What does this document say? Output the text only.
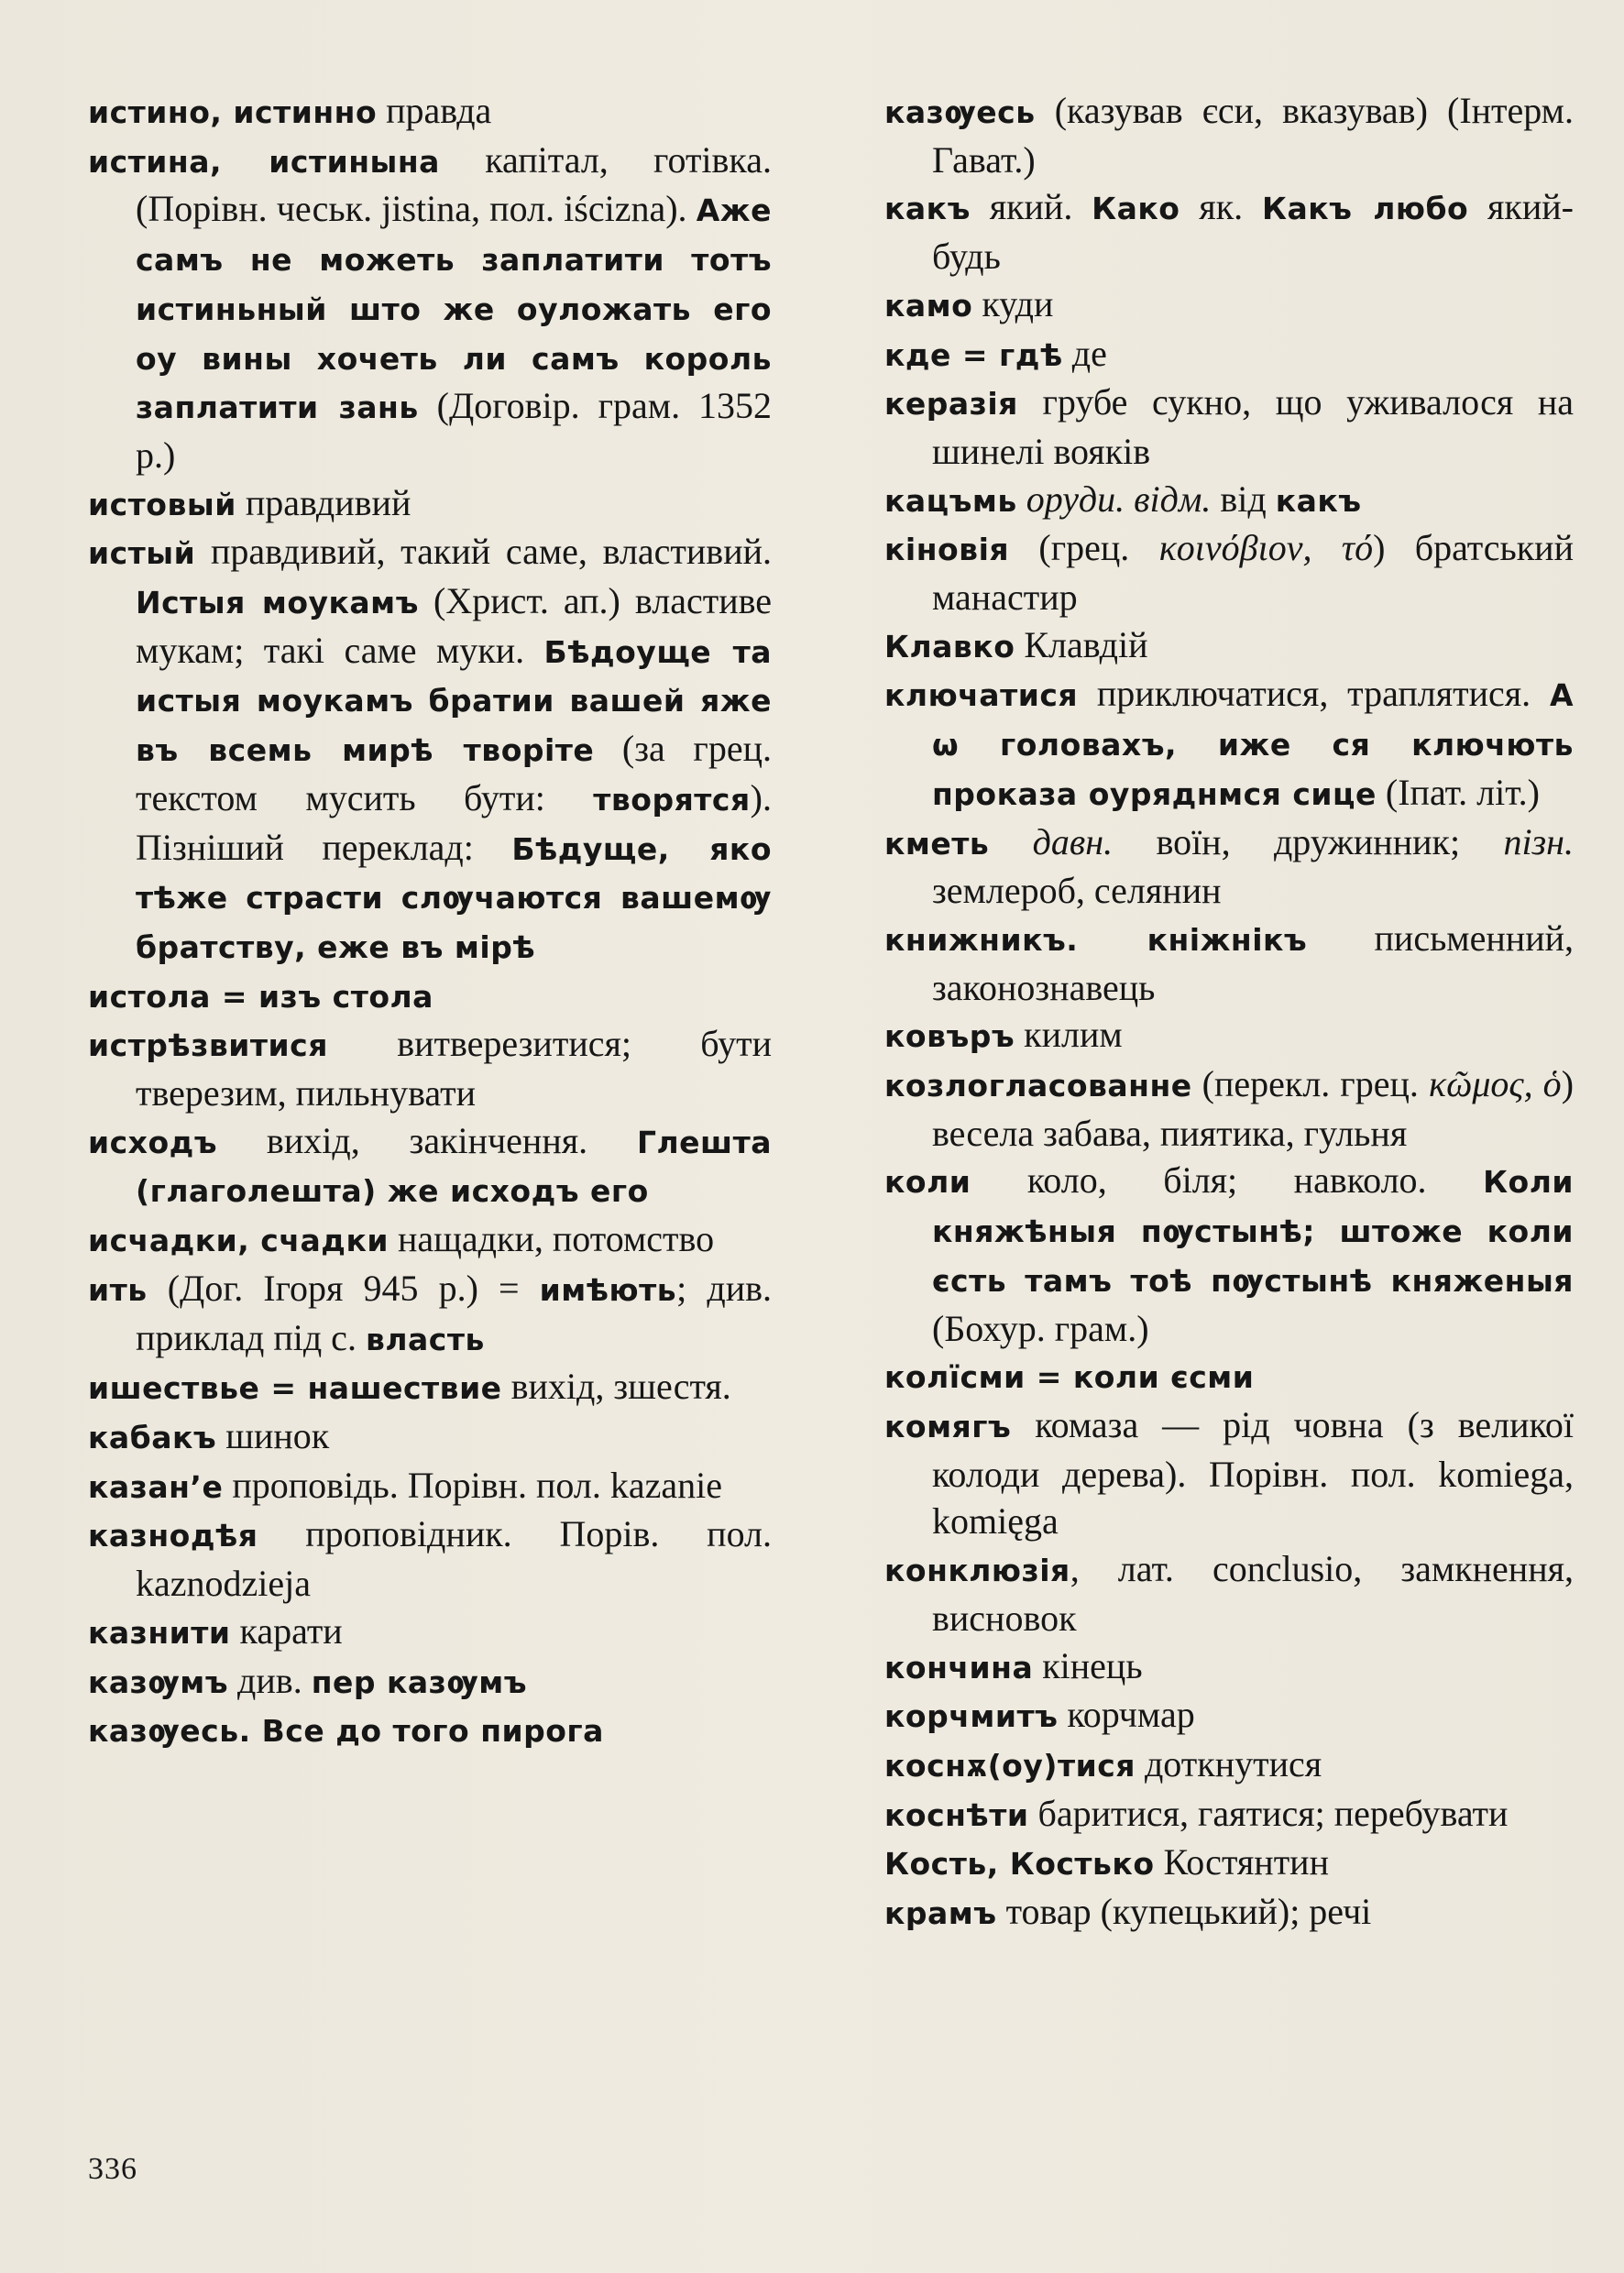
истино, истинно правда

истина, истинына капітал, готівка. (Порівн. чеськ. jistina, пол. iścizna). Аже самъ не можеть заплатити тотъ истиньный што же оуложать его оу вины хочеть ли самъ король заплатити зань (Договір. грам. 1352 р.)

истовый правдивий

истый правдивий, такий саме, властивий. Истыя моукамъ (Христ. ап.) властиве мукам; такі саме муки. Бѣдоуще та истыя моукамъ братии вашей яже въ всемь мирѣ творіте (за грец. текстом мусить бути: творятся). Пізніший переклад: Бѣдуще, яко тѣже страсти слѹчаются вашемѹ братству, еже въ мірѣ

истола = изъ стола

истрѣзвитися витверезитися; бути тверезим, пильнувати

исходъ вихід, закінчення. Глешта (глаголешта) же исходъ его

исчадки, счадки нащадки, потомство

ить (Дог. Ігоря 945 р.) = имѣють; див. приклад під с. власть

ишествье = нашествие вихід, зшестя.

кабакъ шинок

казанʼе проповідь. Порівн. пол. kazanie

казнодѣя проповідник. Порів. пол. kaznodzieja

казнити карати

казѹмъ див. пер казѹмъ

казѹесь. Все до того пирога

казѹесь (казував єси, вказував) (Інтерм. Гават.)

какъ який. Како як. Какъ любо який-будь

камо куди

кде = гдѣ де

керазія грубе сукно, що уживалося на шинелі вояків

кацъмь оруди. відм. від какъ

кіновія (грец. κοινόβιον, τό) братський манастир

Клавко Клавдій

ключатися приключатися, траплятися. А ѡ головахъ, иже ся ключють проказа оуряднмся сице (Іпат. літ.)

кметь давн. воїн, дружинник; пізн. землероб, селянин

книжникъ. кніжнікъ письменний, законознавець

ковъръ килим

козлогласованне (перекл. грец. κῶμος, ὁ) весела забава, пиятика, гульня

коли коло, біля; навколо. Коли княжѣныя пѹстынѣ; штоже коли єсть тамъ тоѣ пѹстынѣ княженыя (Бохур. грам.)

колїсми = коли єсми

комягъ комаза — рід човна (з великої колоди дерева). Порівн. пол. komiega, komięga

конклюзія, лат. conclusio, замкнення, висновок

кончина кінець

корчмитъ корчмар

коснѫ(оу)тися доткнутися

коснѣти баритися, гаятися; перебувати

Кость, Костько Костянтин

крамъ товар (купецький); речі

336
